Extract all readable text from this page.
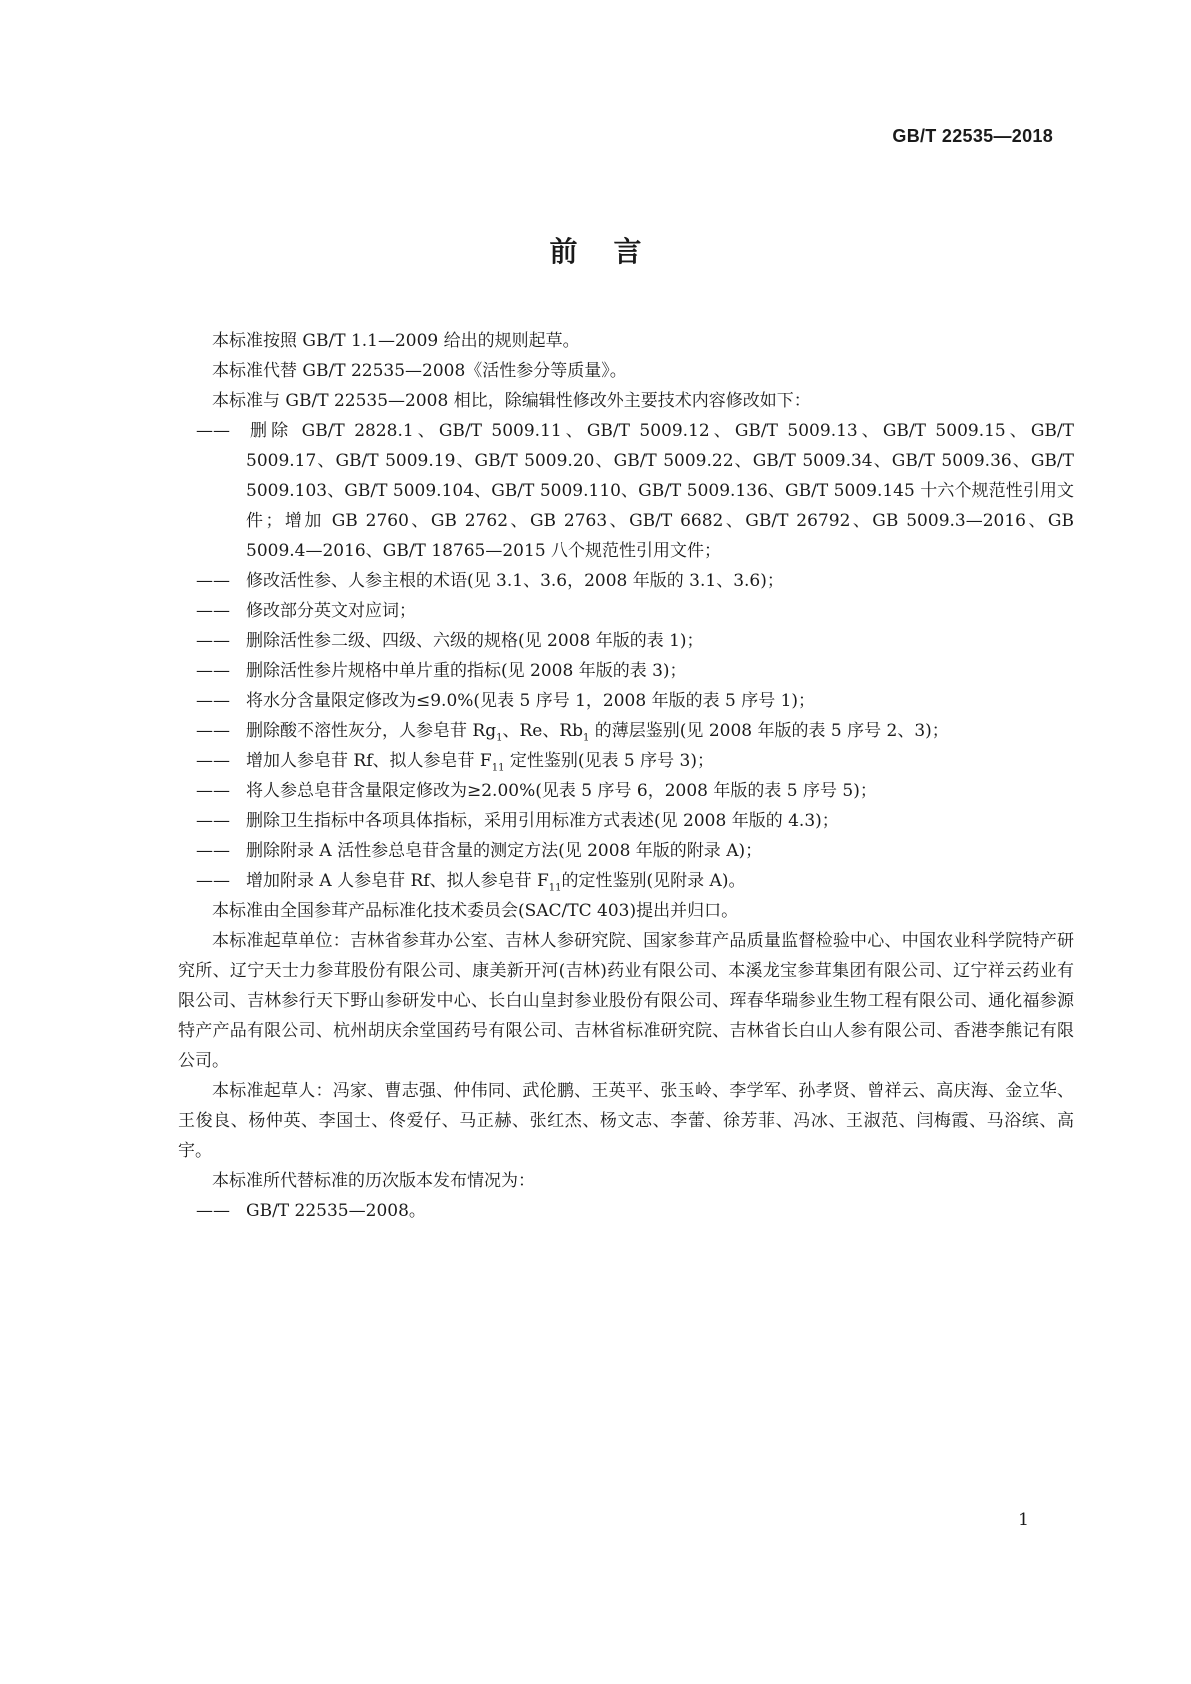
GB/T 22535—2018
前言

本标准按照 GB/T 1.1—2009 给出的规则起草。

本标准代替 GB/T 22535—2008《活性参分等质量》。

本标准与 GB/T 22535—2008 相比，除编辑性修改外主要技术内容修改如下：

—— 删除 GB/T 2828.1、GB/T 5009.11、GB/T 5009.12、GB/T 5009.13、GB/T 5009.15、GB/T 5009.17、GB/T 5009.19、GB/T 5009.20、GB/T 5009.22、GB/T 5009.34、GB/T 5009.36、GB/T 5009.103、GB/T 5009.104、GB/T 5009.110、GB/T 5009.136、GB/T 5009.145 十六个规范性引用文件；增加 GB 2760、GB 2762、GB 2763、GB/T 6682、GB/T 26792、GB 5009.3—2016、GB 5009.4—2016、GB/T 18765—2015 八个规范性引用文件；

—— 修改活性参、人参主根的术语(见 3.1、3.6，2008 年版的 3.1、3.6)；

—— 修改部分英文对应词；

—— 删除活性参二级、四级、六级的规格(见 2008 年版的表 1)；

—— 删除活性参片规格中单片重的指标(见 2008 年版的表 3)；

—— 将水分含量限定修改为≤9.0%(见表 5 序号 1，2008 年版的表 5 序号 1)；

—— 删除酸不溶性灰分，人参皂苷 $Rg_1$、Re、$Rb_1$ 的薄层鉴别(见 2008 年版的表 5 序号 2、3)；

—— 增加人参皂苷 Rf、拟人参皂苷 $F_{11}$ 定性鉴别(见表 5 序号 3)；

—— 将人参总皂苷含量限定修改为≥2.00%(见表 5 序号 6，2008 年版的表 5 序号 5)；

—— 删除卫生指标中各项具体指标，采用引用标准方式表述(见 2008 年版的 4.3)；

—— 删除附录 A 活性参总皂苷含量的测定方法(见 2008 年版的附录 A)；

—— 增加附录 A 人参皂苷 Rf、拟人参皂苷 $F_{11}$的定性鉴别(见附录 A)。

本标准由全国参茸产品标准化技术委员会(SAC/TC 403)提出并归口。

本标准起草单位：吉林省参茸办公室、吉林人参研究院、国家参茸产品质量监督检验中心、中国农业科学院特产研究所、辽宁天士力参茸股份有限公司、康美新开河(吉林)药业有限公司、本溪龙宝参茸集团有限公司、辽宁祥云药业有限公司、吉林参行天下野山参研发中心、长白山皇封参业股份有限公司、珲春华瑞参业生物工程有限公司、通化福参源特产产品有限公司、杭州胡庆余堂国药号有限公司、吉林省标准研究院、吉林省长白山人参有限公司、香港李熊记有限公司。

本标准起草人：冯家、曹志强、仲伟同、武伦鹏、王英平、张玉岭、李学军、孙孝贤、曾祥云、高庆海、金立华、王俊良、杨仲英、李国士、佟爱仔、马正赫、张红杰、杨文志、李蕾、徐芳菲、冯冰、王淑范、闫梅霞、马浴缤、高宇。

本标准所代替标准的历次版本发布情况为：

—— GB/T 22535—2008。

1
